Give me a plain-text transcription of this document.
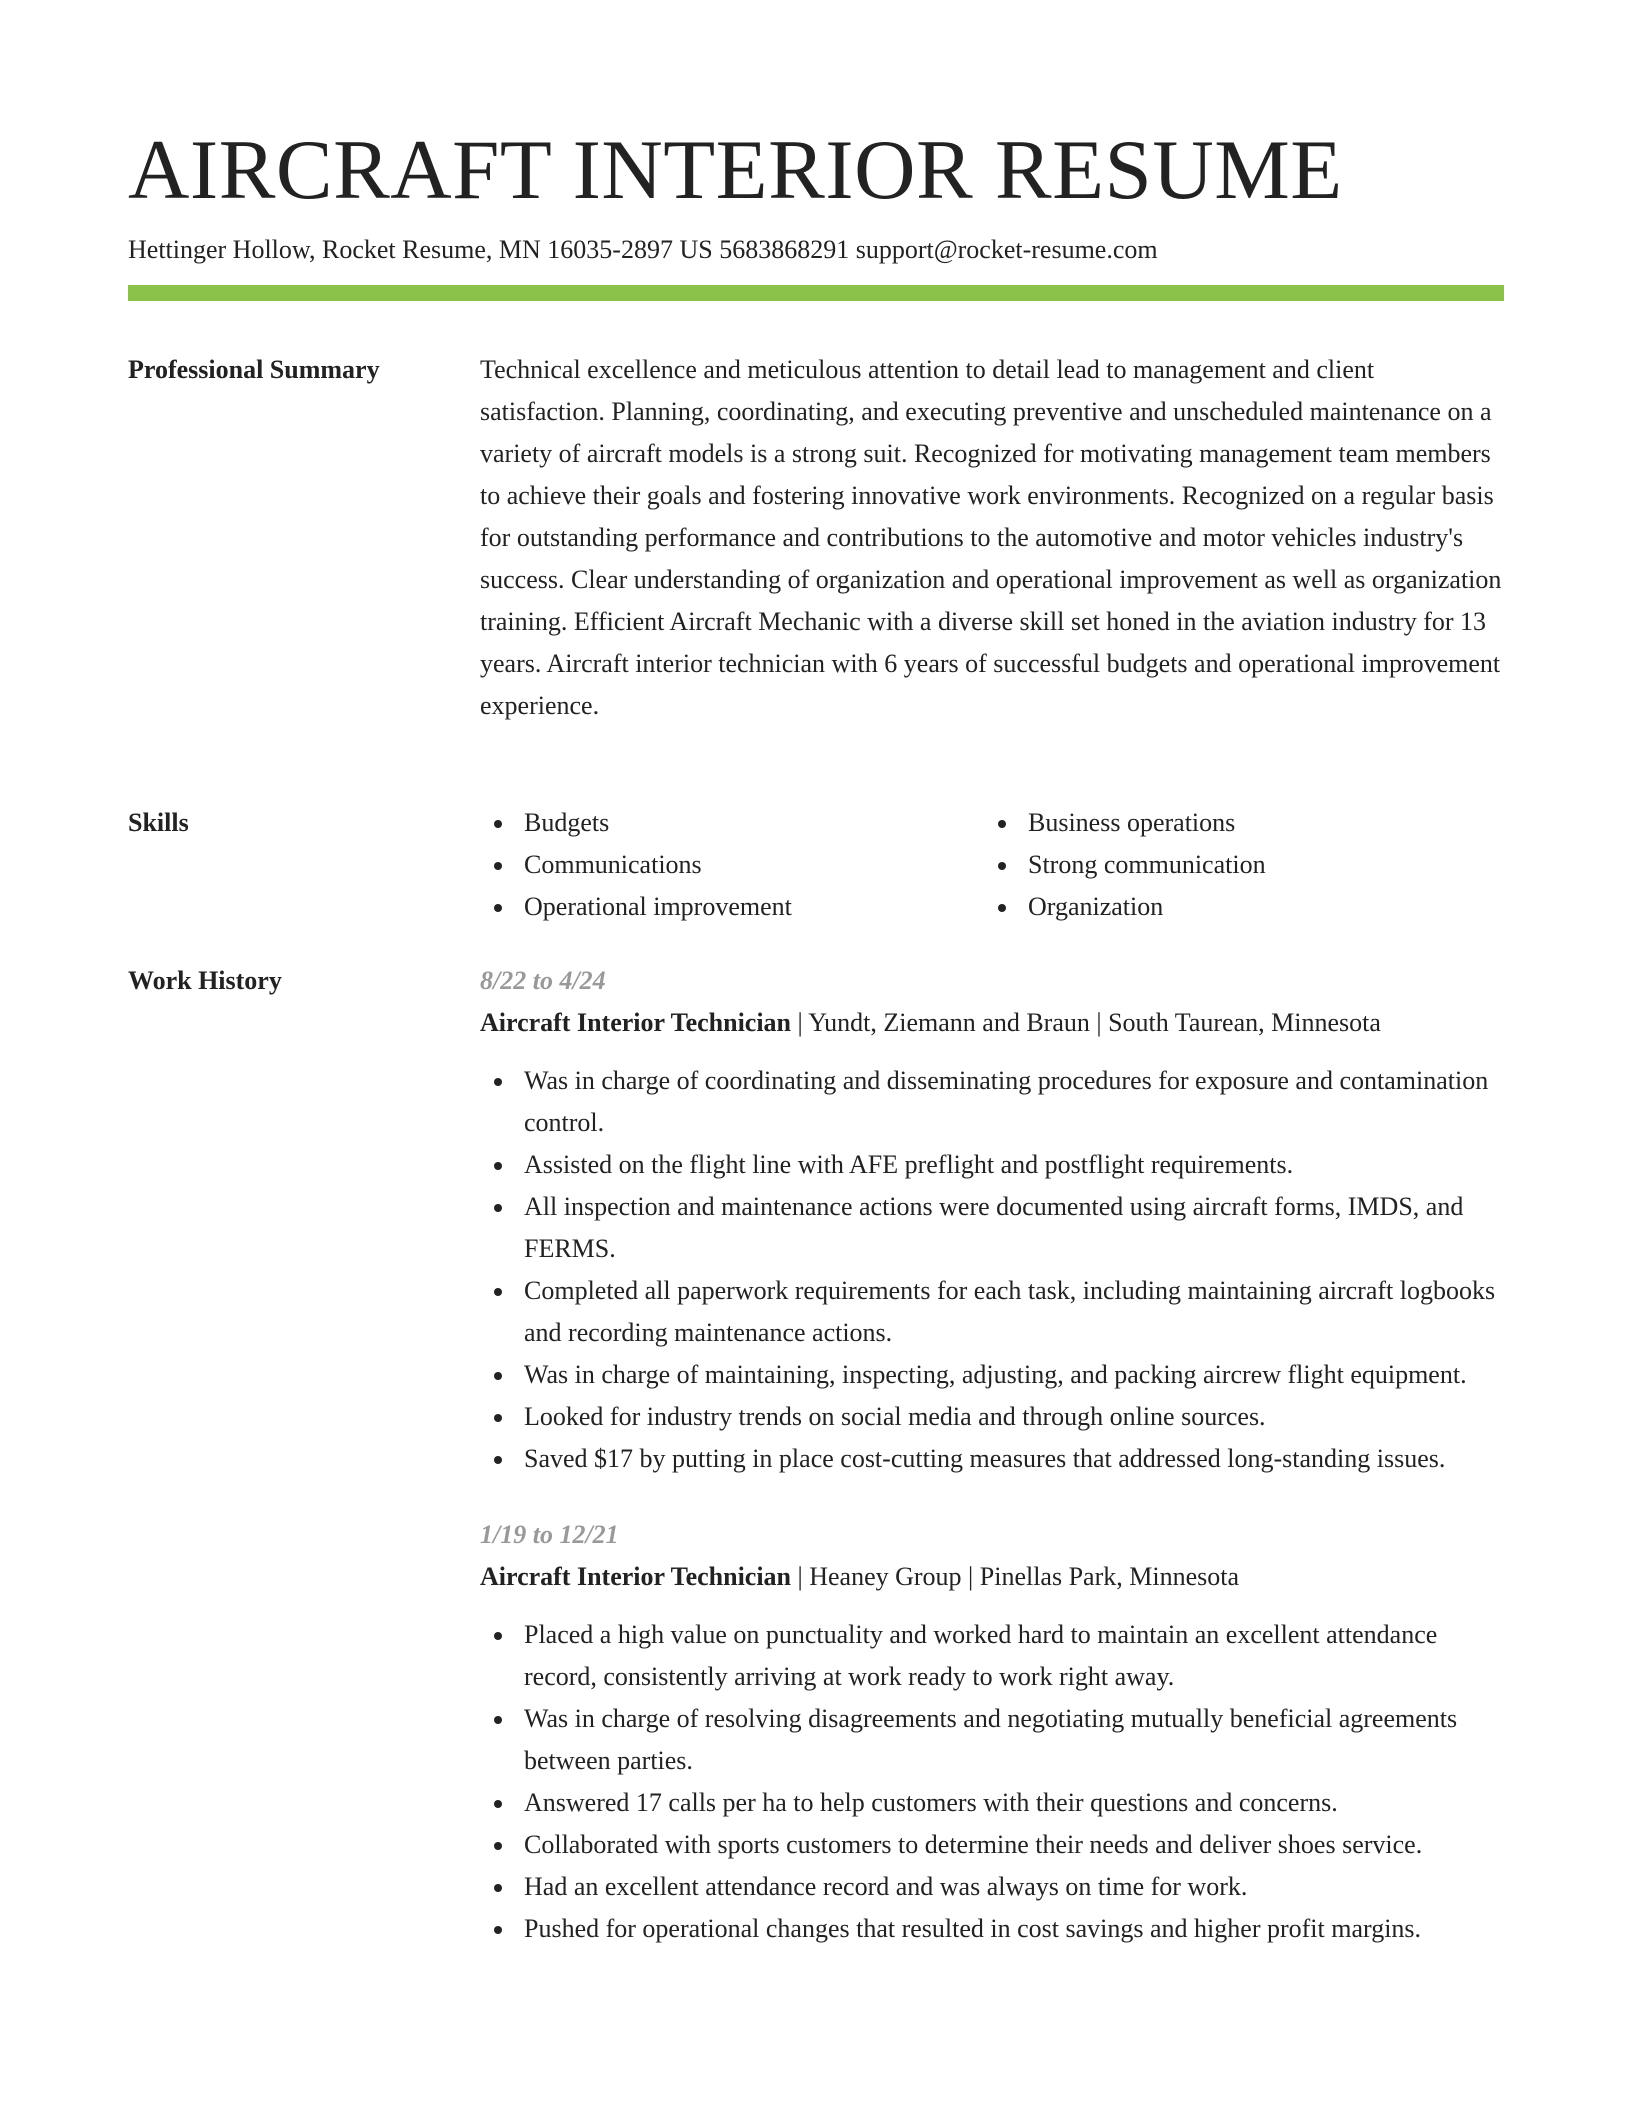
AIRCRAFT INTERIOR RESUME
Hettinger Hollow, Rocket Resume, MN 16035-2897 US 5683868291 support@rocket-resume.com
Professional Summary	Technical excellence and meticulous attention to detail lead to management and client satisfaction. Planning, coordinating, and executing preventive and unscheduled maintenance on a variety of aircraft models is a strong suit. Recognized for motivating management team members to achieve their goals and fostering innovative work environments. Recognized on a regular basis for outstanding performance and contributions to the automotive and motor vehicles industry's success. Clear understanding of organization and operational improvement as well as organization training. Efficient Aircraft Mechanic with a diverse skill set honed in the aviation industry for 13 years. Aircraft interior technician with 6 years of successful budgets and operational improvement experience.

Skills	Budgets
Communications
Operational improvement
Business operations
Strong communication
Organization
Work History	8/22 to 4/24
Aircraft Interior Technician | Yundt, Ziemann and Braun | South Taurean, Minnesota
Was in charge of coordinating and disseminating procedures for exposure and contamination control.
Assisted on the flight line with AFE preflight and postflight requirements.
All inspection and maintenance actions were documented using aircraft forms, IMDS, and FERMS.
Completed all paperwork requirements for each task, including maintaining aircraft logbooks and recording maintenance actions.
Was in charge of maintaining, inspecting, adjusting, and packing aircrew flight equipment.
Looked for industry trends on social media and through online sources.
Saved $17 by putting in place cost-cutting measures that addressed long-standing issues.
1/19 to 12/21
Aircraft Interior Technician | Heaney Group | Pinellas Park, Minnesota
Placed a high value on punctuality and worked hard to maintain an excellent attendance record, consistently arriving at work ready to work right away.
Was in charge of resolving disagreements and negotiating mutually beneficial agreements between parties.
Answered 17 calls per ha to help customers with their questions and concerns.
Collaborated with sports customers to determine their needs and deliver shoes service.
Had an excellent attendance record and was always on time for work.
Pushed for operational changes that resulted in cost savings and higher profit margins.
